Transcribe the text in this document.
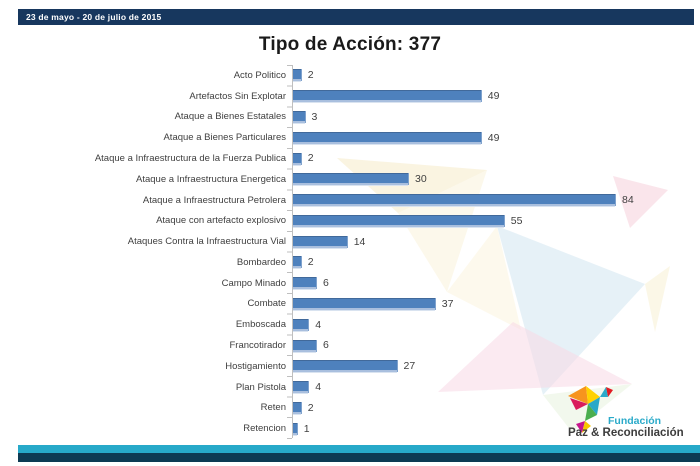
23 de mayo - 20 de julio de 2015
Tipo de Acción: 377
Acto Politico 2
Artefactos Sin Explotar	49
Ataque a Bienes Estatales 3
Ataque a Bienes Particulares	49
Ataque a Infraestructura de la Fuerza Publica 2
Ataque a Infraestructura Energetica	30
Ataque a Infraestructura Petrolera	84
Ataque con artefacto explosivo	55
Ataques Contra la Infraestructura Vial	14
Bombardeo 2
Campo Minado	6
Combate	37
Emboscada	4
Francotirador	6
Hostigamiento	27
Plan Pistola	4
Reten 2
Retencion 1
Fundación
Paz & Reconciliación
